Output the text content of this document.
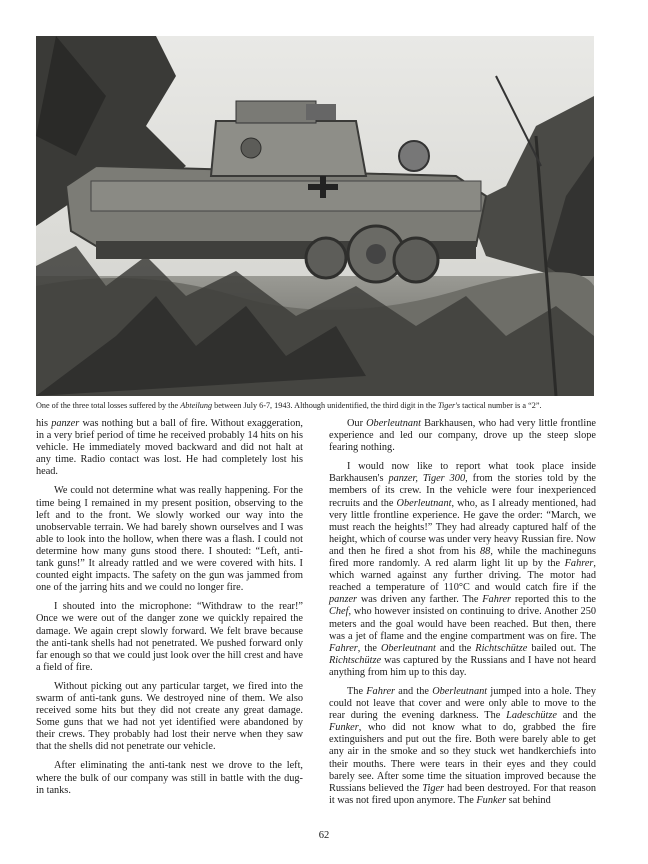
One of the three total losses suffered by the Abteilung between July 6-7, 1943. Although unidentified, the third digit in the Tiger's tactical number is a “2”.

his panzer was nothing but a ball of fire. Without exaggeration, in a very brief period of time he received probably 14 hits on his vehicle. He immediately moved backward and did not halt at any time. Radio contact was lost. He had completely lost his head.

We could not determine what was really happening. For the time being I remained in my present position, observing to the left and to the front. We slowly worked our way into the unobservable terrain. We had barely shown ourselves and I was able to look into the hollow, when there was a flash. I could not determine how many guns stood there. I shouted: “Left, anti-tank guns!” It already rattled and we were covered with hits. I counted eight impacts. The safety on the gun was jammed from one of the jarring hits and we could no longer fire.

I shouted into the microphone: “Withdraw to the rear!” Once we were out of the danger zone we quickly repaired the damage. We again crept slowly forward. We felt brave because the anti-tank shells had not penetrated. We pushed forward only far enough so that we could just look over the hill crest and have a field of fire.

Without picking out any particular target, we fired into the swarm of anti-tank guns. We destroyed nine of them. We also received some hits but they did not create any great damage. Some guns that we had not yet identified were abandoned by their crews. They probably had lost their nerve when they saw that the shells did not penetrate our vehicle.

After eliminating the anti-tank nest we drove to the left, where the bulk of our company was still in battle with the dug-in tanks.

Our Oberleutnant Barkhausen, who had very little frontline experience and led our company, drove up the steep slope fearing nothing.

I would now like to report what took place inside Barkhausen's panzer, Tiger 300, from the stories told by the members of its crew. In the vehicle were four inexperienced recruits and the Oberleutnant, who, as I already mentioned, had very little frontline experience. He gave the order: “March, we must reach the heights!” They had already captured half of the height, which of course was under very heavy Russian fire. Now and then he fired a shot from his 88, while the machineguns fired more randomly. A red alarm light lit up by the Fahrer, which warned against any further driving. The motor had reached a temperature of 110°C and would catch fire if the panzer was driven any farther. The Fahrer reported this to the Chef, who however insisted on continuing to drive. Another 250 meters and the goal would have been reached. But then, there was a jet of flame and the engine compartment was on fire. The Fahrer, the Oberleutnant and the Richtschütze bailed out. The Richtschütze was captured by the Russians and I have not heard anything from him up to this day.

The Fahrer and the Oberleutnant jumped into a hole. They could not leave that cover and were only able to move to the rear during the evening darkness. The Ladeschütze and the Funker, who did not know what to do, grabbed the fire extinguishers and put out the fire. Both were barely able to get any air in the smoke and so they stuck wet handkerchiefs into their mouths. There were tears in their eyes and they could barely see. After some time the situation improved because the Russians believed the Tiger had been destroyed. For that reason it was not fired upon anymore. The Funker sat behind

62
